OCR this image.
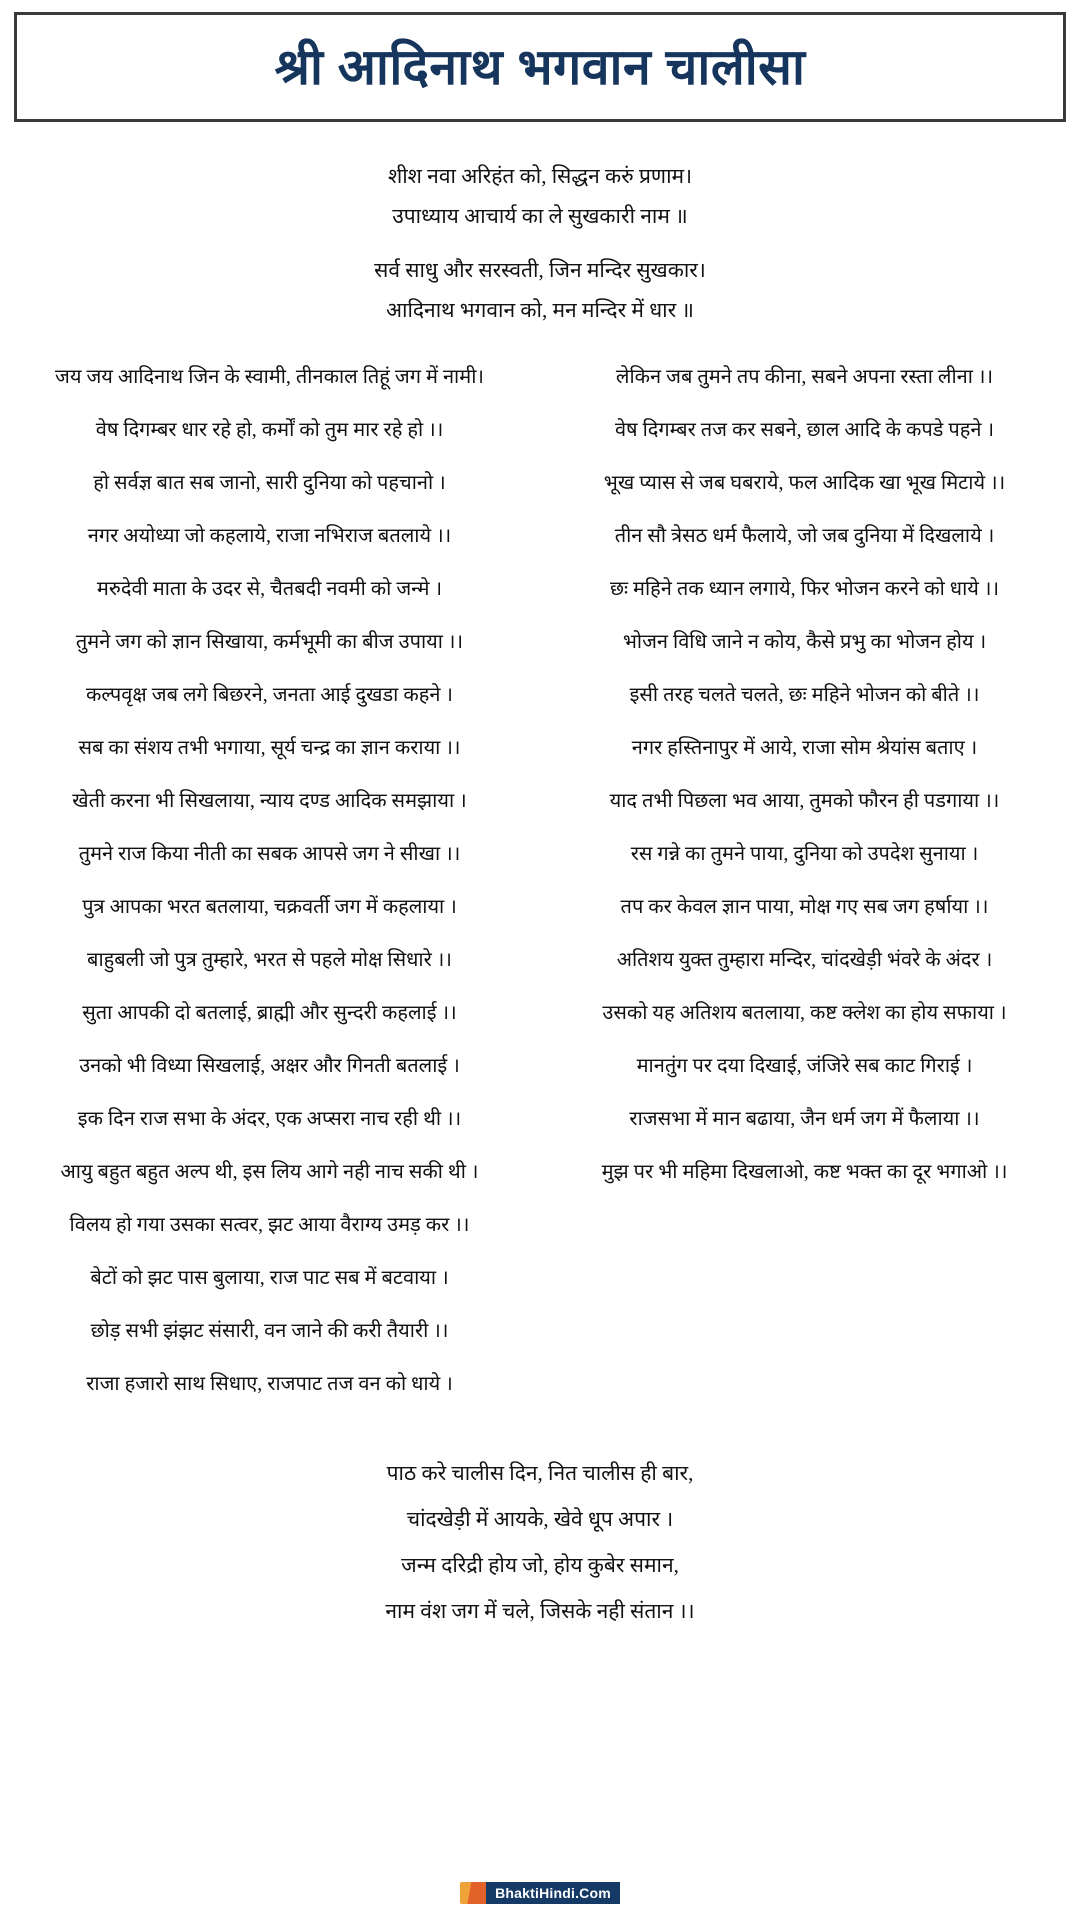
श्री आदिनाथ भगवान चालीसा
शीश नवा अरिहंत को, सिद्धन करुं प्रणाम।
उपाध्याय आचार्य का ले सुखकारी नाम ॥
सर्व साधु और सरस्वती, जिन मन्दिर सुखकार।
आदिनाथ भगवान को, मन मन्दिर में धार ॥
जय जय आदिनाथ जिन के स्वामी, तीनकाल तिहूं जग में नामी।
वेष दिगम्बर धार रहे हो, कर्मों को तुम मार रहे हो ।।
हो सर्वज्ञ बात सब जानो, सारी दुनिया को पहचानो ।
नगर अयोध्या जो कहलाये, राजा नभिराज बतलाये ।।
मरुदेवी माता के उदर से, चैतबदी नवमी को जन्मे ।
तुमने जग को ज्ञान सिखाया, कर्मभूमी का बीज उपाया ।।
कल्पवृक्ष जब लगे बिछरने, जनता आई दुखडा कहने ।
सब का संशय तभी भगाया, सूर्य चन्द्र का ज्ञान कराया ।।
खेती करना भी सिखलाया, न्याय दण्ड आदिक समझाया ।
तुमने राज किया नीती का सबक आपसे जग ने सीखा ।।
पुत्र आपका भरत बतलाया, चक्रवर्ती जग में कहलाया ।
बाहुबली जो पुत्र तुम्हारे, भरत से पहले मोक्ष सिधारे ।।
सुता आपकी दो बतलाई, ब्राह्मी और सुन्दरी कहलाई ।।
उनको भी विध्या सिखलाई, अक्षर और गिनती बतलाई ।
इक दिन राज सभा के अंदर, एक अप्सरा नाच रही थी ।।
आयु बहुत बहुत अल्प थी, इस लिय आगे नही नाच सकी थी ।
विलय हो गया उसका सत्वर, झट आया वैराग्य उमड़ कर ।।
बेटों को झट पास बुलाया, राज पाट सब में बटवाया ।
छोड़ सभी झंझट संसारी, वन जाने की करी तैयारी ।।
राजा हजारो साथ सिधाए, राजपाट तज वन को धाये ।
लेकिन जब तुमने तप कीना, सबने अपना रस्ता लीना ।।
वेष दिगम्बर तज कर सबने, छाल आदि के कपडे पहने ।
भूख प्यास से जब घबराये, फल आदिक खा भूख मिटाये ।।
तीन सौ त्रेसठ धर्म फैलाये, जो जब दुनिया में दिखलाये ।
छः महिने तक ध्यान लगाये, फिर भोजन करने को धाये ।।
भोजन विधि जाने न कोय, कैसे प्रभु का भोजन होय ।
इसी तरह चलते चलते, छः महिने भोजन को बीते ।।
नगर हस्तिनापुर में आये, राजा सोम श्रेयांस बताए ।
याद तभी पिछला भव आया, तुमको फौरन ही पडगाया ।।
रस गन्ने का तुमने पाया, दुनिया को उपदेश सुनाया ।
तप कर केवल ज्ञान पाया, मोक्ष गए सब जग हर्षाया ।।
अतिशय युक्त तुम्हारा मन्दिर, चांदखेड़ी भंवरे के अंदर ।
उसको यह अतिशय बतलाया, कष्ट क्लेश का होय सफाया ।
मानतुंग पर दया दिखाई, जंजिरे सब काट गिराई ।
राजसभा में मान बढाया, जैन धर्म जग में फैलाया ।।
मुझ पर भी महिमा दिखलाओ, कष्ट भक्त का दूर भगाओ ।।
पाठ करे चालीस दिन, नित चालीस ही बार,
चांदखेड़ी में आयके, खेवे धूप अपार ।
जन्म दरिद्री होय जो, होय कुबेर समान,
नाम वंश जग में चले, जिसके नही संतान ।।
BhaktiHindi.Com
